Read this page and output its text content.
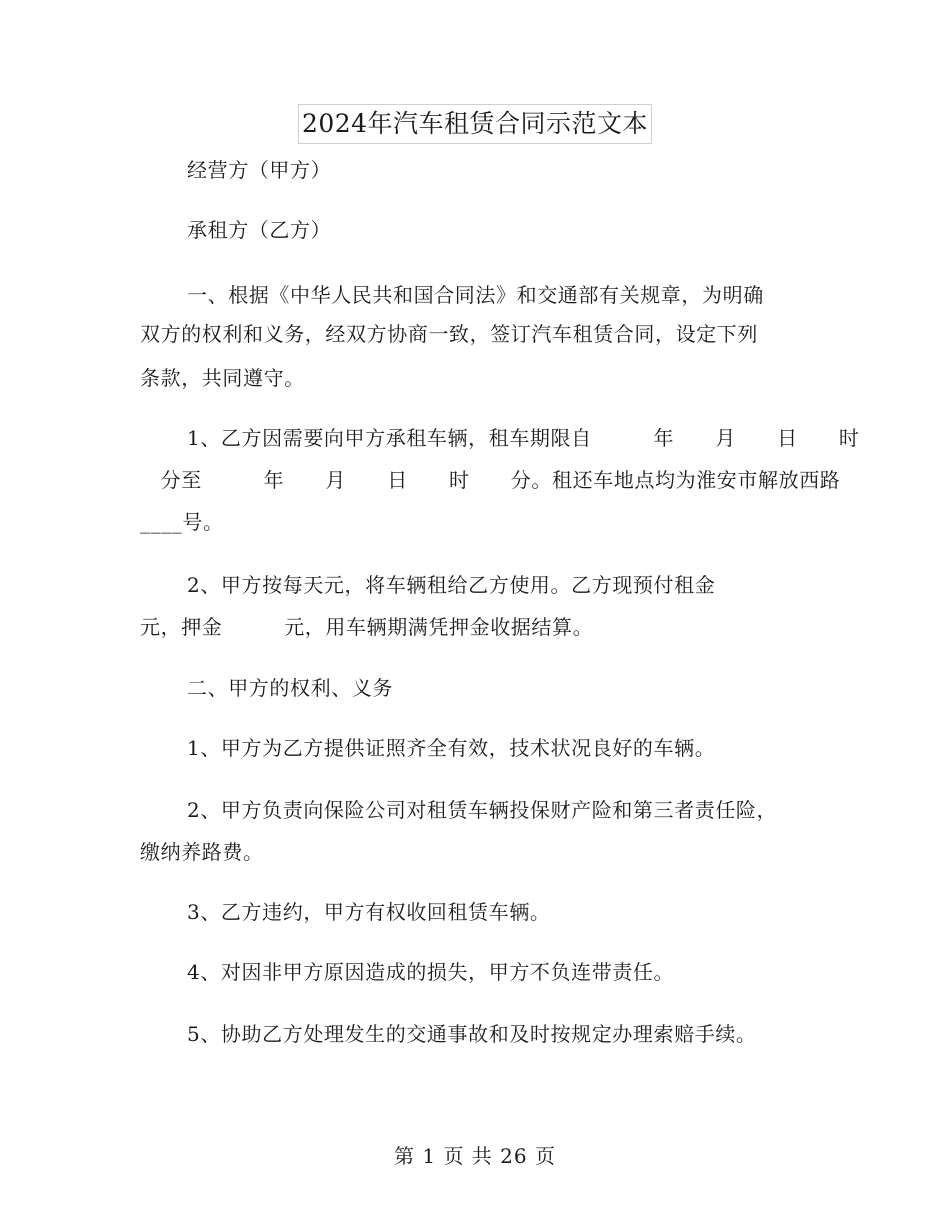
2024年汽车租赁合同示范文本
经营方（甲方）
承租方（乙方）
一、根据《中华人民共和国合同法》和交通部有关规章，为明确
双方的权利和义务，经双方协商一致，签订汽车租赁合同，设定下列
条款，共同遵守。
1、乙方因需要向甲方承租车辆，租车期限自　　　年　　月　　日　　时
　分至　　　年　　月　　日　　时　　分。租还车地点均为淮安市解放西路
____号。
2、甲方按每天元，将车辆租给乙方使用。乙方现预付租金
元，押金　　　元，用车辆期满凭押金收据结算。
二、甲方的权利、义务
1、甲方为乙方提供证照齐全有效，技术状况良好的车辆。
2、甲方负责向保险公司对租赁车辆投保财产险和第三者责任险，
缴纳养路费。
3、乙方违约，甲方有权收回租赁车辆。
4、对因非甲方原因造成的损失，甲方不负连带责任。
5、协助乙方处理发生的交通事故和及时按规定办理索赔手续。
第 1 页 共 26 页
